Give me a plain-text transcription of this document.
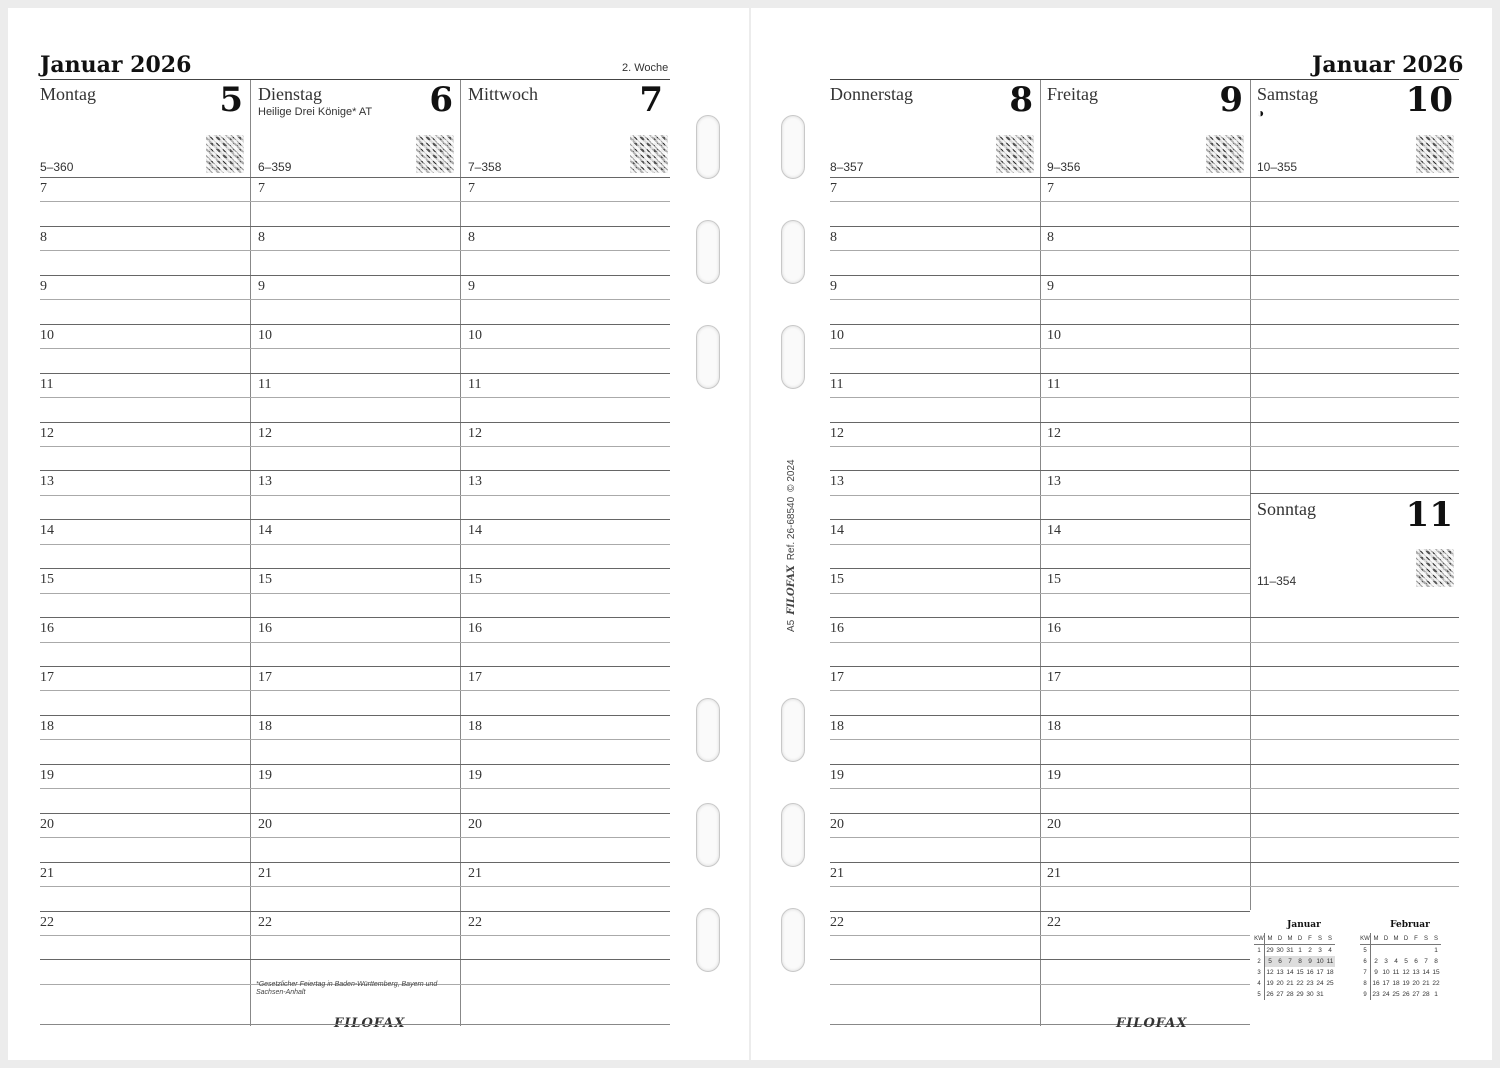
Januar 2026	2. Woche
Montag	5
5–360
Dienstag	6
Heilige Drei Könige* AT
6–359
Mittwoch	7
7–358
7	7	7
8	8	8
9	9	9
10	10	10
11	11	11
12	12	12
13	13	13
14	14	14
15	15	15
16	16	16
17	17	17
18	18	18
19	19	19
20	20	20
21	21	21
22	22	22
*Gesetzlicher Feiertag in Baden-Württemberg, Bayern und Sachsen-Anhalt
FILOFAX
A5FILOFAXRef. 26-68540© 2024
Januar 2026
Donnerstag	8
8–357
Freitag	9
9–356
Samstag	10
10–355
◑
Sonntag	11
11–354
7	7
8	8
9	9
10	10
11	11
12	12
13	13
14	14
15	15
16	16
17	17
18	18
19	19
20	20
21	21
22	22
FILOFAX
Januar
KW	M	D	M	D	F	S	S
1	29	30	31	1	2	3	4
2	5	6	7	8	9	10	11
3	12	13	14	15	16	17	18
4	19	20	21	22	23	24	25
5	26	27	28	29	30	31	
Februar
KW	M	D	M	D	F	S	S
5							1
6	2	3	4	5	6	7	8
7	9	10	11	12	13	14	15
8	16	17	18	19	20	21	22
9	23	24	25	26	27	28	1
